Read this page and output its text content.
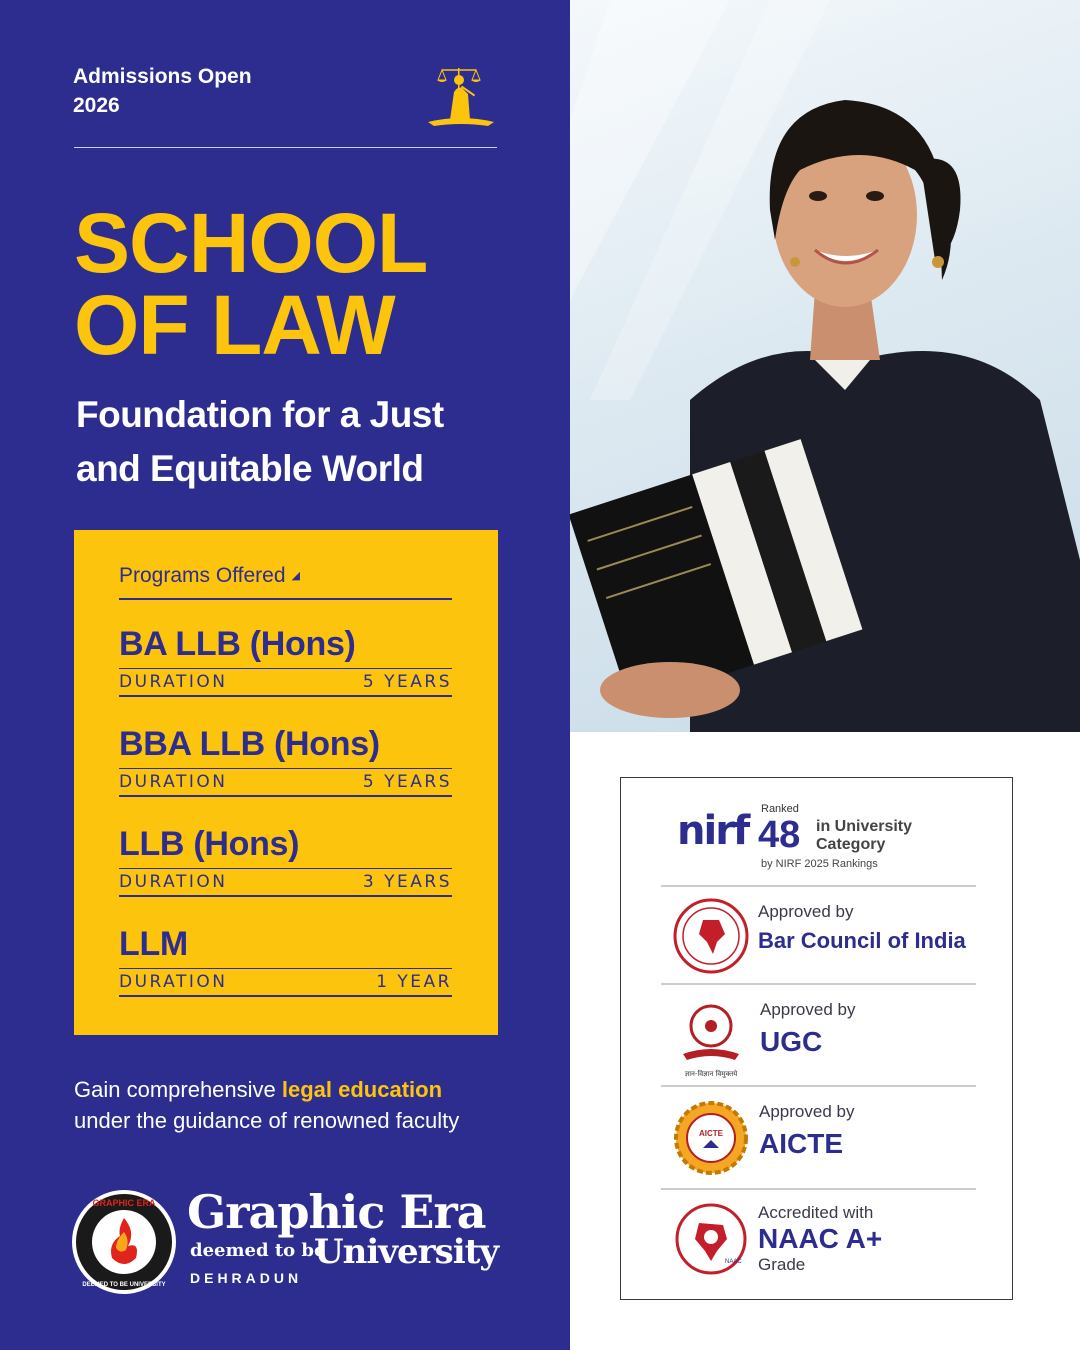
Admissions Open 2026
SCHOOL
OF LAW
Foundation for a Just
and Equitable World
Programs Offered ◢
BA LLB (Hons)
DURATION	5 YEARS
BBA LLB (Hons)
DURATION	5 YEARS
LLB (Hons)
DURATION	3 YEARS
LLM
DURATION	1 YEAR
Gain comprehensive legal education
under the guidance of renowned faculty
GRAPHIC ERA
DEEMED TO BE UNIVERSITY
Graphic Era
deemed to be
University
DEHRADUN
nirf Ranked
48 in University Category
by NIRF 2025 Rankings
Approved by
Bar Council of India
ज्ञान-विज्ञान विमुक्तये
Approved by
UGC
AICTE
Approved by
AICTE
NAAC
Accredited with
NAAC A+
Grade
